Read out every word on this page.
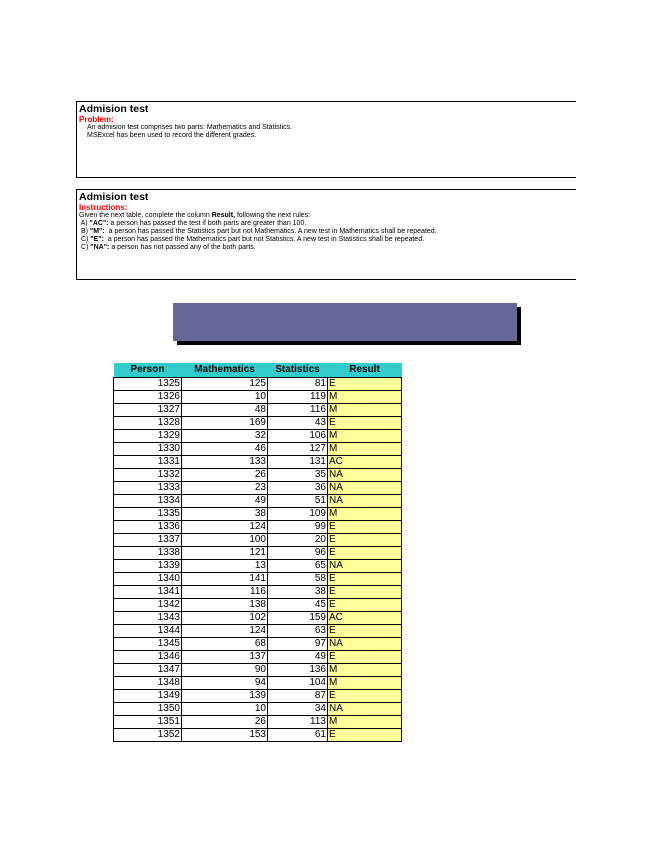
Admision test
Problem:
An admision test comprises two parts: Mathematics and Statistics.
MSExcel has been used to record the different grades.
Admision test
Instructions:
Given the next table, complete the column Result, following the next rules:
A) "AC": a person has passed the test if both parts are greater than 100.
B) "M":  a person has passed the Statistics part but not Mathematics. A new test in Mathematics shall be repeated.
C) "E":  a person has passed the Mathematics part but not Statistics. A new test in Statistics shall be repeated.
C) "NA": a person has not passed any of the both parts.
Person	Mathematics	Statistics	Result
1325	125	81	E
1326	10	119	M
1327	48	116	M
1328	169	43	E
1329	32	106	M
1330	46	127	M
1331	133	131	AC
1332	26	35	NA
1333	23	36	NA
1334	49	51	NA
1335	38	109	M
1336	124	99	E
1337	100	20	E
1338	121	96	E
1339	13	65	NA
1340	141	58	E
1341	116	38	E
1342	138	45	E
1343	102	159	AC
1344	124	63	E
1345	68	97	NA
1346	137	49	E
1347	90	136	M
1348	94	104	M
1349	139	87	E
1350	10	34	NA
1351	26	113	M
1352	153	61	E
